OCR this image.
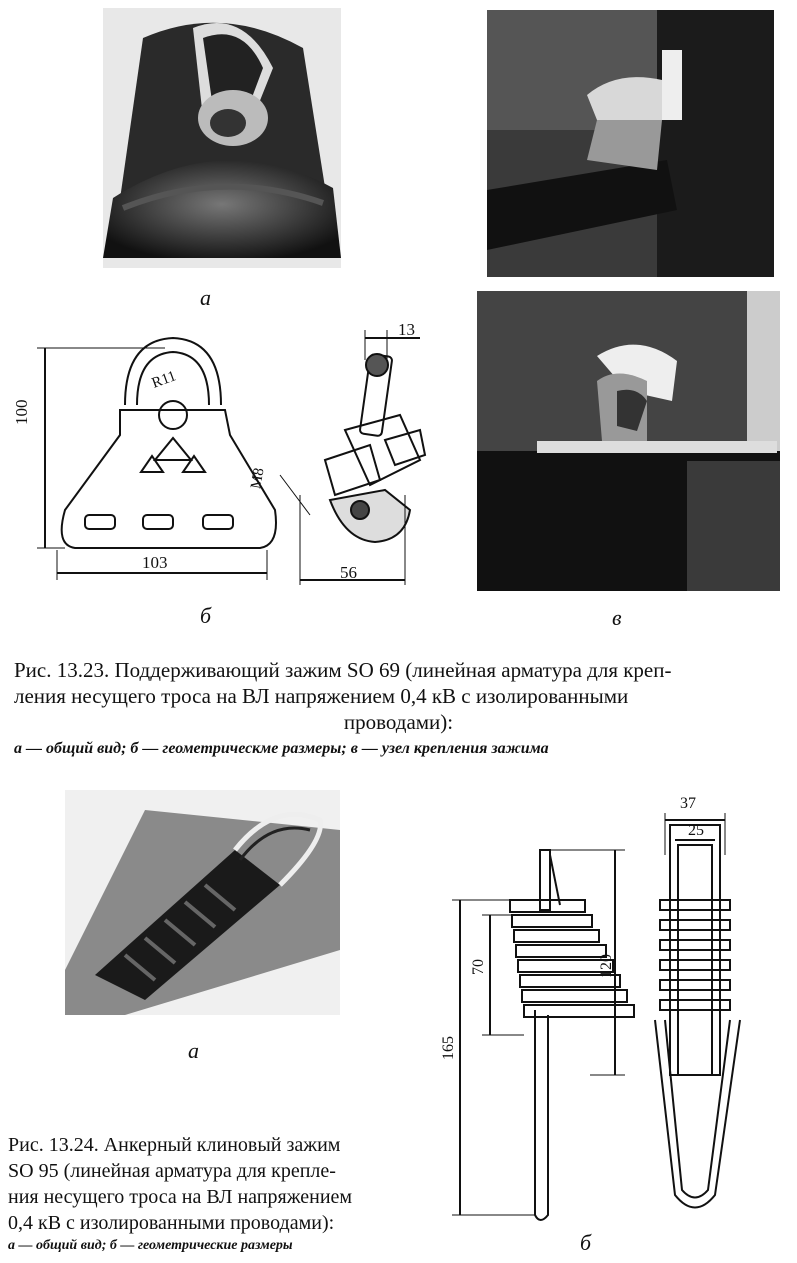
а
в
100
103
R11
M8
13
56
б
Рис. 13.23. Поддерживающий зажим SO 69 (линейная арматура для креп-
ления несущего троса на ВЛ напряжением 0,4 кВ с изолированными
проводами):
а — общий вид; б — геометрическме размеры; в — узел крепления зажима
а
37
25
70	120
165
б
Рис. 13.24. Анкерный клиновый зажим
SO 95 (линейная арматура для крепле-
ния несущего троса на ВЛ напряжением
0,4 кВ с изолированными проводами):
а — общий вид; б — геометрические размеры
